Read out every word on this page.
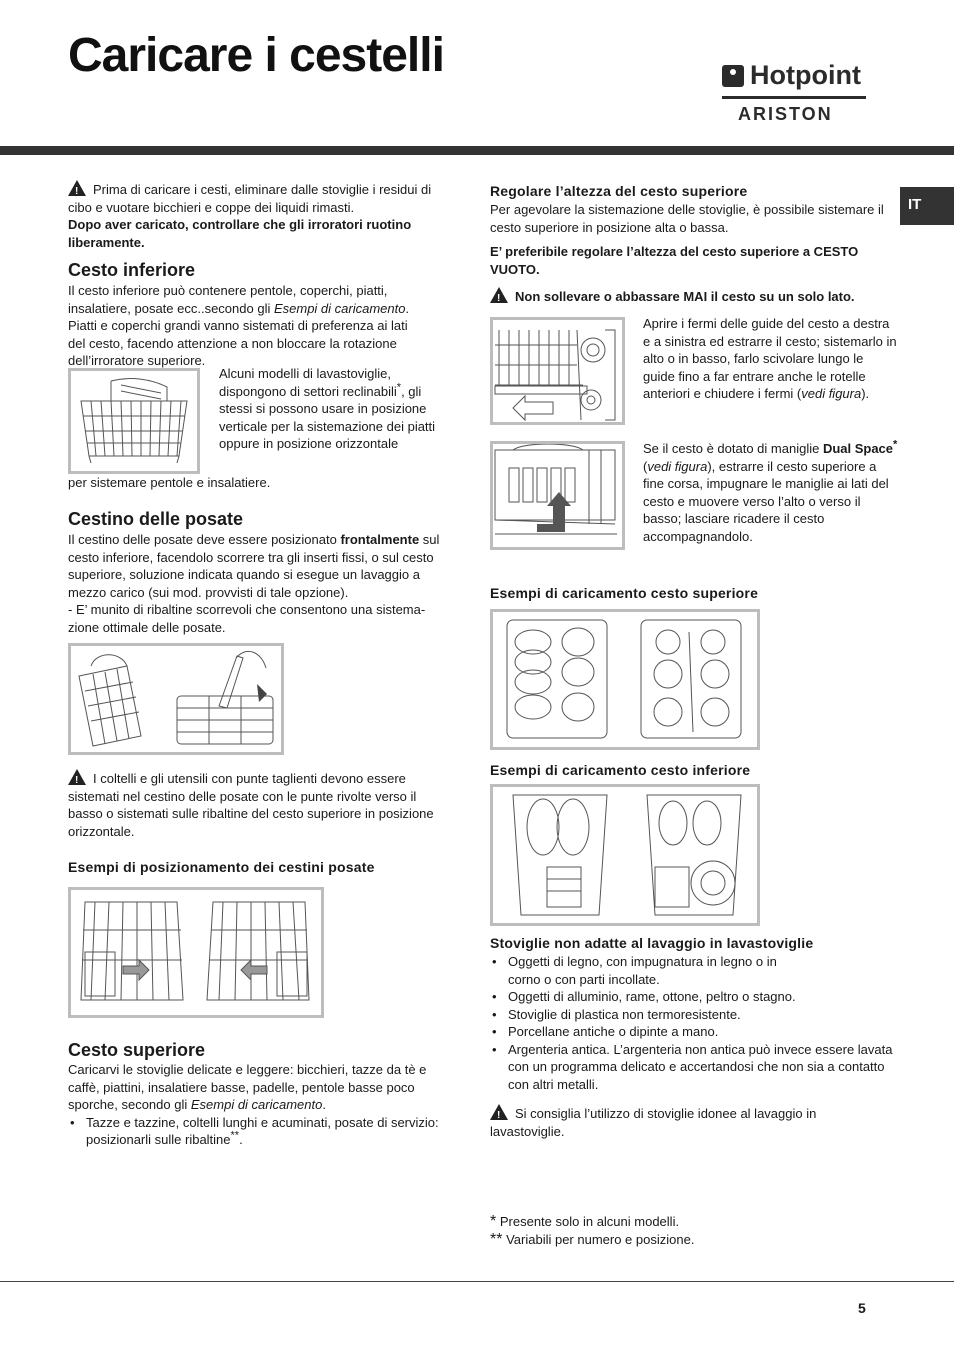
Caricare i cestelli	Hotpoint
ARISTON
IT
!Prima di caricare i cesti, eliminare dalle stoviglie i residui di cibo e vuotare bicchieri e coppe dei liquidi rimasti.
Dopo aver caricato, controllare che gli irroratori ruotino liberamente.
Cesto inferiore
Il cesto inferiore può contenere pentole, coperchi, piatti, insalatiere, posate ecc..secondo gli Esempi di caricamento.
Piatti e coperchi grandi vanno sistemati di preferenza ai lati del cesto, facendo attenzione a non bloccare la rotazione dell’irroratore superiore.
Alcuni modelli di lavastoviglie, dispongono di settori reclinabili*, gli stessi si possono usare in posizione verticale per la sistemazione dei piatti oppure in posizione orizzontale
per sistemare pentole e insalatiere.
Cestino delle posate
Il cestino delle posate deve essere posizionato frontalmente sul cesto inferiore, facendolo scorrere tra gli inserti fissi, o sul cesto superiore, soluzione indicata quando si esegue un lavaggio a mezzo carico (sui mod. provvisti di tale opzione).
- E’ munito di ribaltine scorrevoli che consentono una sistema-zione ottimale delle posate.
!I coltelli e gli utensili con punte taglienti devono essere sistemati nel cestino delle posate con le punte rivolte verso il basso o sistemati sulle ribaltine del cesto superiore in posizione orizzontale.
Esempi di posizionamento dei cestini posate
Cesto superiore
Caricarvi le stoviglie delicate e leggere: bicchieri, tazze da tè e caffè, piattini, insalatiere basse, padelle, pentole basse poco sporche, secondo gli Esempi di caricamento.
• Tazze e tazzine, coltelli lunghi e acuminati, posate di servizio: posizionarli sulle ribaltine**.
Regolare l’altezza del cesto superiore
Per agevolare la sistemazione delle stoviglie, è possibile sistemare il cesto superiore in posizione alta o bassa.
E’ preferibile regolare l’altezza del cesto superiore a CESTO VUOTO.
!Non sollevare o abbassare MAI il cesto su un solo lato.
Aprire i fermi delle guide del cesto a destra e a sinistra ed estrarre il cesto; sistemarlo in alto o in basso, farlo scivolare lungo le guide fino a far entrare anche le rotelle anteriori e chiudere i fermi (vedi figura).
Se il cesto è dotato di maniglie Dual Space* (vedi figura), estrarre il cesto superiore a fine corsa, impugnare le maniglie ai lati del cesto e muovere verso l’alto o verso il basso; lasciare ricadere il cesto accompagnandolo.
Esempi di caricamento cesto superiore
Esempi di caricamento cesto inferiore
Stoviglie non adatte al lavaggio in lavastoviglie
• Oggetti di legno, con impugnatura in legno o in corno o con parti incollate.
• Oggetti di alluminio, rame, ottone, peltro o stagno.
• Stoviglie di plastica non termoresistente.
• Porcellane antiche o dipinte a mano.
• Argenteria antica. L’argenteria non antica può invece essere lavata con un programma delicato e accertandosi che non sia a contatto con altri metalli.
!Si consiglia l’utilizzo di stoviglie idonee al lavaggio in lavastoviglie.
* Presente solo in alcuni modelli.
** Variabili per numero e posizione.
5
